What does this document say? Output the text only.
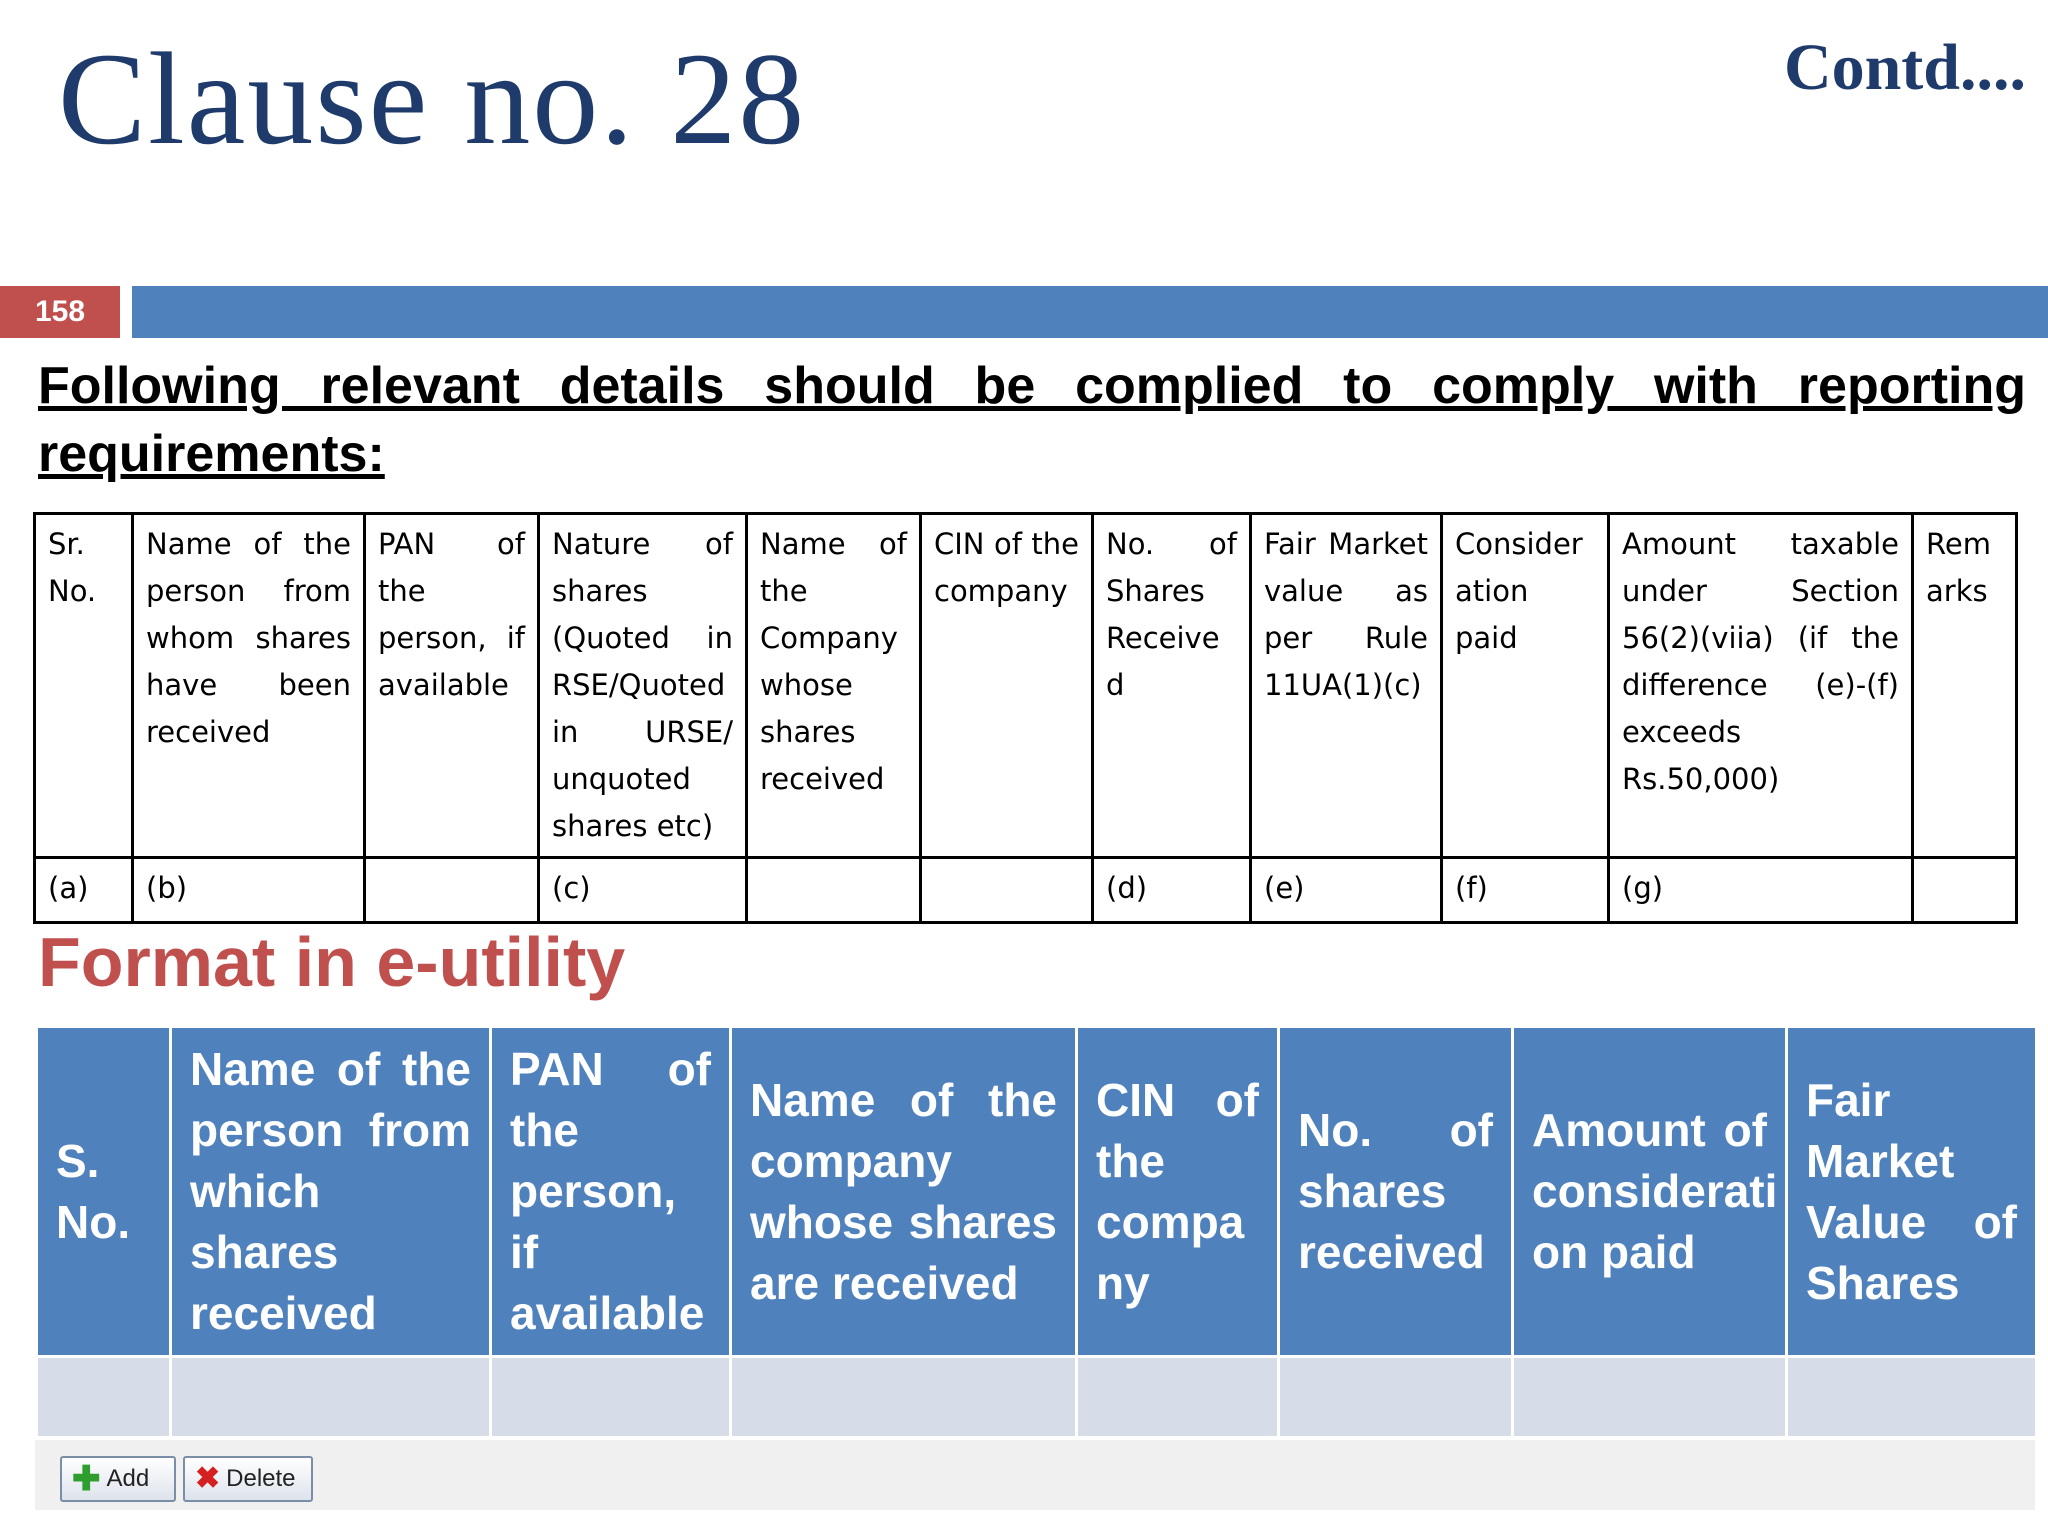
Clause no. 28	Contd....
158
Following relevant details should be complied to comply with reporting requirements:
Sr. No.	Name of the person from whom shares have been received	PAN of the person, if available	Nature of shares (Quoted in RSE/Quoted in URSE/ unquoted shares etc)	Name of the Company whose shares received	CIN of the company	No. of Shares Receive d	Fair Market value as per Rule 11UA(1)(c)	Consider ation paid	Amount taxable under Section 56(2)(viia) (if the difference (e)-(f) exceeds Rs.50,000)	Rem arks
(a)	(b)		(c)			(d)	(e)	(f)	(g)	
Format in e-utility
S. No.	Name of the person from which shares received	PAN of the person, if available	Name of the company whose shares are received	CIN of the compa ny	No. of shares received	Amount of considerati on paid	Fair Market Value of Shares

✚ Add ✖ Delete
